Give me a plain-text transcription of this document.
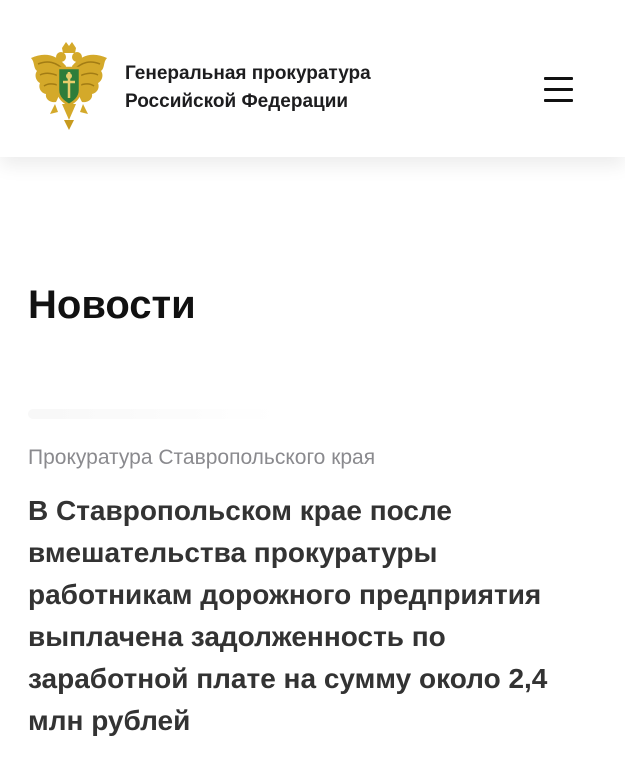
Генеральная прокуратура
Российской Федерации
Новости
Прокуратура Ставропольского края
В Ставропольском крае после
вмешательства прокуратуры
работникам дорожного предприятия
выплачена задолженность по
заработной плате на сумму около 2,4
млн рублей
